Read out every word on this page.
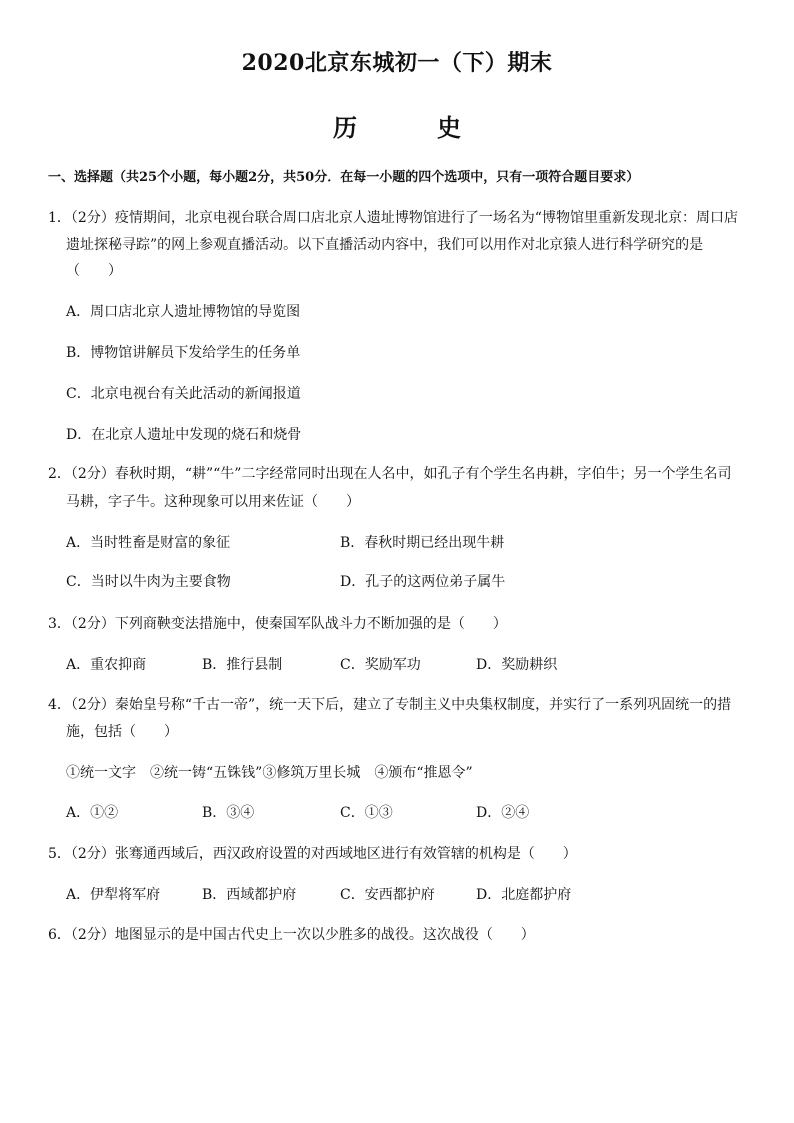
2020北京东城初一（下）期末
历　史
一、选择题（共25个小题，每小题2分，共50分．在每一小题的四个选项中，只有一项符合题目要求）
1．（2分）疫情期间，北京电视台联合周口店北京人遗址博物馆进行了一场名为“博物馆里重新发现北京：周口店
遗址探秘寻踪”的网上参观直播活动。以下直播活动内容中，我们可以用作对北京猿人进行科学研究的是
（　　）
A．周口店北京人遗址博物馆的导览图
B．博物馆讲解员下发给学生的任务单
C．北京电视台有关此活动的新闻报道
D．在北京人遗址中发现的烧石和烧骨
2．（2分）春秋时期，“耕”“牛”二字经常同时出现在人名中，如孔子有个学生名冉耕，字伯牛；另一个学生名司
马耕，字子牛。这种现象可以用来佐证（　　）
A．当时牲畜是财富的象征	B．春秋时期已经出现牛耕
C．当时以牛肉为主要食物	D．孔子的这两位弟子属牛
3．（2分）下列商鞅变法措施中，使秦国军队战斗力不断加强的是（　　）
A．重农抑商	B．推行县制	C．奖励军功	D．奖励耕织
4．（2分）秦始皇号称“千古一帝”，统一天下后，建立了专制主义中央集权制度，并实行了一系列巩固统一的措
施，包括（　　）
①统一文字　②统一铸“五铢钱”③修筑万里长城　④颁布“推恩令”
A．①②	B．③④	C．①③	D．②④
5．（2分）张骞通西域后，西汉政府设置的对西域地区进行有效管辖的机构是（　　）
A．伊犁将军府	B．西域都护府	C．安西都护府	D．北庭都护府
6．（2分）地图显示的是中国古代史上一次以少胜多的战役。这次战役（　　）
